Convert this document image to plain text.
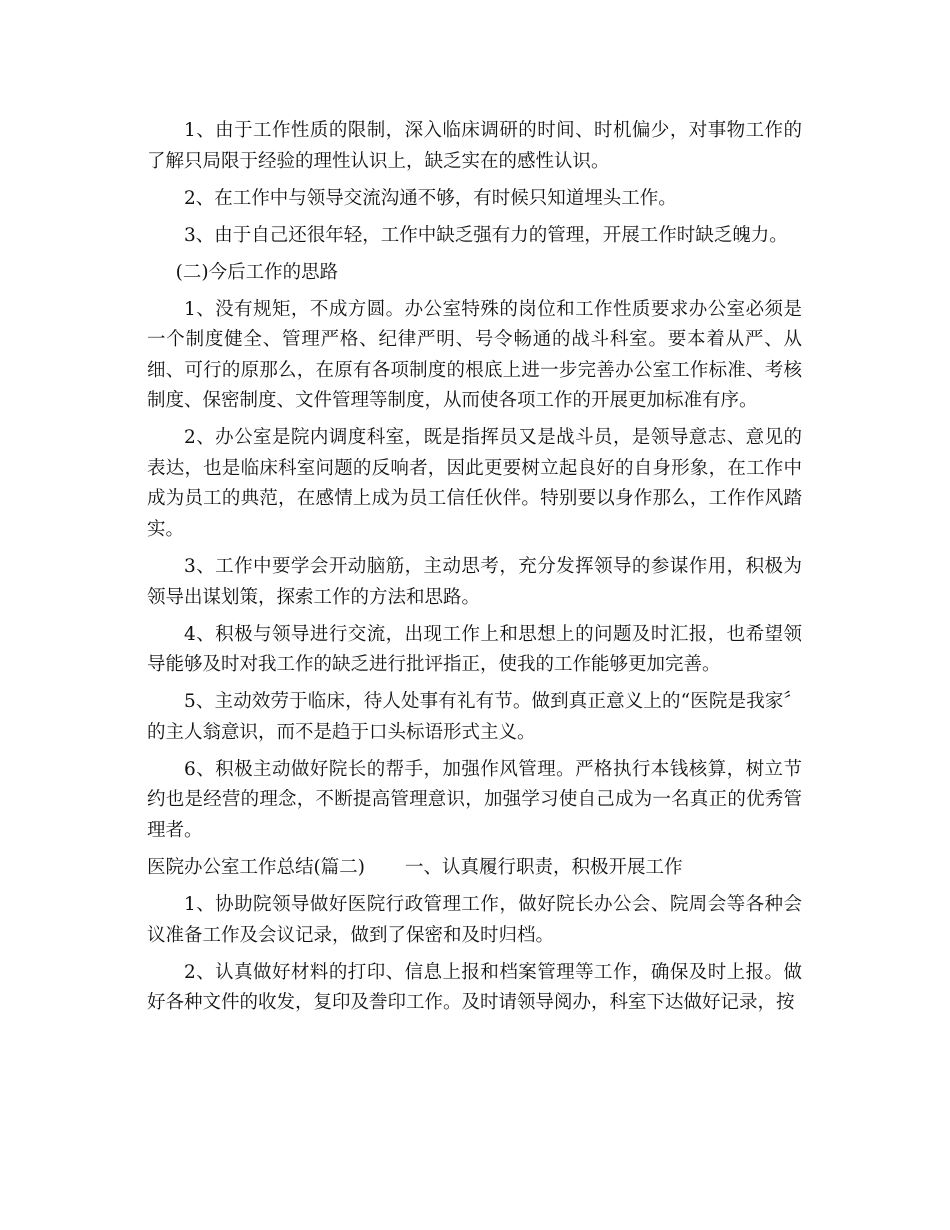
1、由于工作性质的限制，深入临床调研的时间、时机偏少，对事物工作的了解只局限于经验的理性认识上，缺乏实在的感性认识。

2、在工作中与领导交流沟通不够，有时候只知道埋头工作。

3、由于自己还很年轻，工作中缺乏强有力的管理，开展工作时缺乏魄力。

(二)今后工作的思路

1、没有规矩，不成方圆。办公室特殊的岗位和工作性质要求办公室必须是一个制度健全、管理严格、纪律严明、号令畅通的战斗科室。要本着从严、从细、可行的原那么，在原有各项制度的根底上进一步完善办公室工作标准、考核制度、保密制度、文件管理等制度，从而使各项工作的开展更加标准有序。

2、办公室是院内调度科室，既是指挥员又是战斗员，是领导意志、意见的表达，也是临床科室问题的反响者，因此更要树立起良好的自身形象，在工作中成为员工的典范，在感情上成为员工信任伙伴。特别要以身作那么，工作作风踏实。

3、工作中要学会开动脑筋，主动思考，充分发挥领导的参谋作用，积极为领导出谋划策，探索工作的方法和思路。

4、积极与领导进行交流，出现工作上和思想上的问题及时汇报，也希望领导能够及时对我工作的缺乏进行批评指正，使我的工作能够更加完善。

5、主动效劳于临床，待人处事有礼有节。做到真正意义上的“医院是我家〞的主人翁意识，而不是趋于口头标语形式主义。

6、积极主动做好院长的帮手，加强作风管理。严格执行本钱核算，树立节约也是经营的理念，不断提高管理意识，加强学习使自己成为一名真正的优秀管理者。

医院办公室工作总结(篇二) 一、认真履行职责，积极开展工作

1、协助院领导做好医院行政管理工作，做好院长办公会、院周会等各种会议准备工作及会议记录，做到了保密和及时归档。

2、认真做好材料的打印、信息上报和档案管理等工作，确保及时上报。做好各种文件的收发，复印及誊印工作。及时请领导阅办，科室下达做好记录，按
